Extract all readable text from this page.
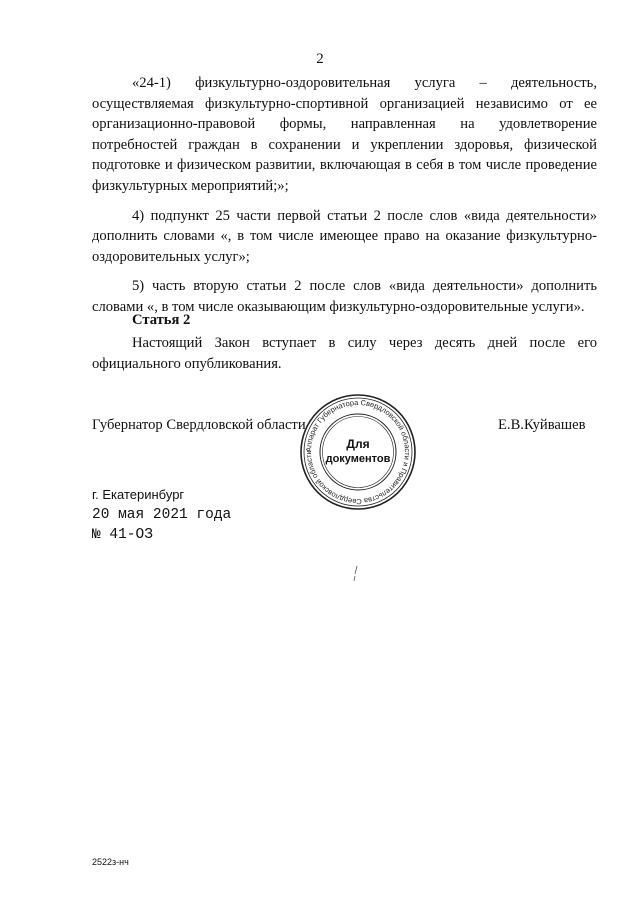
2

«24-1) физкультурно-оздоровительная услуга – деятельность, осуществляемая физкультурно-спортивной организацией независимо от ее организационно-правовой формы, направленная на удовлетворение потребностей граждан в сохранении и укреплении здоровья, физической подготовке и физическом развитии, включающая в себя в том числе проведение физкультурных мероприятий;»;

4) подпункт 25 части первой статьи 2 после слов «вида деятельности» дополнить словами «, в том числе имеющее право на оказание физкультурно-оздоровительных услуг»;

5) часть вторую статьи 2 после слов «вида деятельности» дополнить словами «, в том числе оказывающим физкультурно-оздоровительные услуги».

Статья 2

Настоящий Закон вступает в силу через десять дней после его официального опубликования.

Губернатор Свердловской области
Аппарат Губернатора Свердловской области и Правительства Свердловской области
Для
документов
Е.В.Куйвашев
г. Екатеринбург
20 мая 2021 года
№ 41-ОЗ
2522з-нч
